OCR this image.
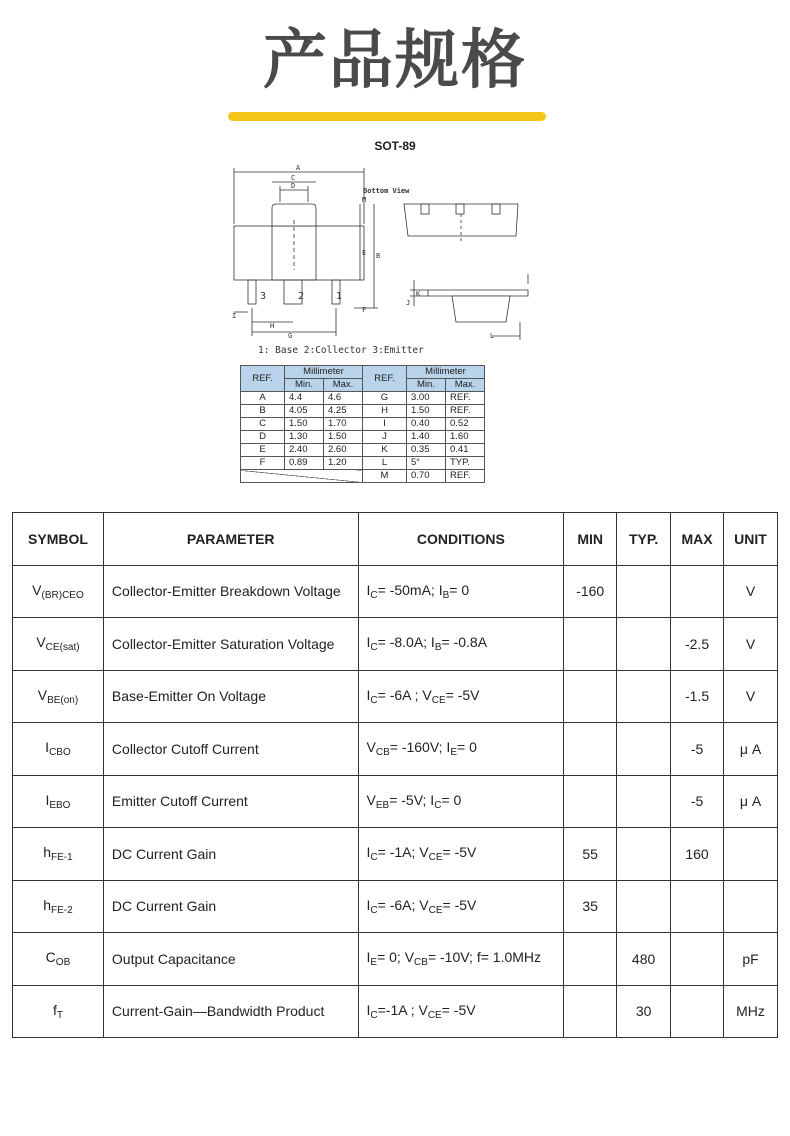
产品规格
SOT-89
Bottom View
3	2	1
A
C
D
M
E B
F
I
H
G
J
K
L
1: Base 2:Collector 3:Emitter
REF.	Millimeter		REF.	Millimeter	
	Min.	Max.		Min.	Max.
A	4.4	4.6	G	3.00	REF.
B	4.05	4.25	H	1.50	REF.
C	1.50	1.70	I	0.40	0.52
D	1.30	1.50	J	1.40	1.60
E	2.40	2.60	K	0.35	0.41
F	0.89	1.20	L	5°	TYP.
			M	0.70	REF.
SYMBOL	PARAMETER	CONDITIONS	MIN	TYP.	MAX	UNIT
$V_{(BR)CEO}$	Collector-Emitter Breakdown Voltage	$I_C= -50mA$; $I_B= 0$	-160			V
$V_{CE(sat)}$	Collector-Emitter Saturation Voltage	$I_C= -8.0A$; $I_B= -0.8A$			-2.5	V
$V_{BE(on)}$	Base-Emitter On Voltage	$I_C= -6A$ ; $V_{CE}= -5V$			-1.5	V
$I_{CBO}$	Collector Cutoff Current	$V_{CB}= -160V$; $I_E= 0$			-5	μ A
$I_{EBO}$	Emitter Cutoff Current	$V_{EB}= -5V$; $I_C= 0$			-5	μ A
$h_{FE-1}$	DC Current Gain	$I_C= -1A$; $V_{CE}= -5V$	55		160	
$h_{FE-2}$	DC Current Gain	$I_C= -6A$; $V_{CE}= -5V$	35			
$C_{OB}$	Output Capacitance	$I_E= 0$; $V_{CB}= -10V$; f= 1.0MHz		480		pF
$f_T$	Current-Gain—Bandwidth Product	$I_C=-1A$ ; $V_{CE}= -5V$		30		MHz
